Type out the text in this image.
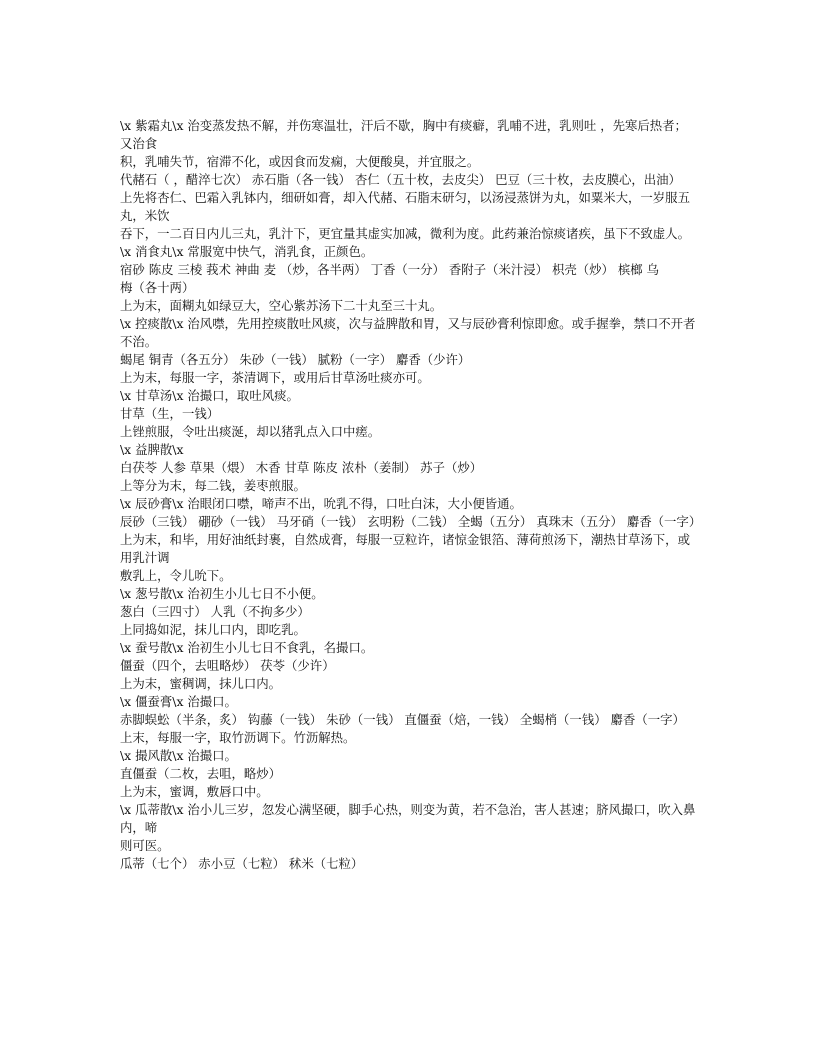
\x 紫霜丸\x 治变蒸发热不解，并伤寒温壮，汗后不歇，胸中有痰癖，乳哺不进，乳则吐 ，先寒后热者；又治食

积，乳哺失节，宿滞不化，或因食而发痫，大便酸臭，并宜服之。

代赭石（ ，醋淬七次） 赤石脂（各一钱） 杏仁（五十枚，去皮尖） 巴豆（三十枚，去皮膜心，出油）

上先将杏仁、巴霜入乳钵内，细研如膏，却入代赭、石脂末研匀，以汤浸蒸饼为丸，如粟米大，一岁服五丸，米饮

吞下，一二百日内儿三丸，乳汁下，更宜量其虚实加减，微利为度。此药兼治惊痰诸疾，虽下不致虚人。

\x 消食丸\x 常服宽中快气，消乳食，正颜色。

宿砂 陈皮 三棱 莪术 神曲 麦 （炒，各半两） 丁香（一分） 香附子（米汁浸） 枳壳（炒） 槟榔 乌

梅（各十两）

上为末，面糊丸如绿豆大，空心紫苏汤下二十丸至三十丸。

\x 控痰散\x 治风噤，先用控痰散吐风痰，次与益脾散和胃，又与辰砂膏利惊即愈。或手握拳，禁口不开者不治。

蝎尾 铜青（各五分） 朱砂（一钱） 腻粉（一字） 麝香（少许）

上为末，每服一字，茶清调下，或用后甘草汤吐痰亦可。

\x 甘草汤\x 治撮口，取吐风痰。

甘草（生，一钱）

上锉煎服，令吐出痰涎，却以猪乳点入口中瘥。

\x 益脾散\x

白茯苓 人参 草果（煨） 木香 甘草 陈皮 浓朴（姜制） 苏子（炒）

上等分为末，每二钱，姜枣煎服。

\x 辰砂膏\x 治眼闭口噤，啼声不出，吮乳不得，口吐白沫，大小便皆通。

辰砂（三钱） 硼砂（一钱） 马牙硝（一钱） 玄明粉（二钱） 全蝎（五分） 真珠末（五分） 麝香（一字）

上为末，和毕，用好油纸封裹，自然成膏，每服一豆粒许，诸惊金银箔、薄荷煎汤下，潮热甘草汤下，或用乳汁调

敷乳上，令儿吮下。

\x 葱号散\x 治初生小儿七日不小便。

葱白（三四寸） 人乳（不拘多少）

上同捣如泥，抹儿口内，即吃乳。

\x 蚕号散\x 治初生小儿七日不食乳，名撮口。

僵蚕（四个，去咀略炒） 茯苓（少许）

上为末，蜜稠调，抹儿口内。

\x 僵蚕膏\x 治撮口。

赤脚蜈蚣（半条，炙） 钩藤（一钱） 朱砂（一钱） 直僵蚕（焙，一钱） 全蝎梢（一钱） 麝香（一字）

上末，每服一字，取竹沥调下。竹沥解热。

\x 撮风散\x 治撮口。

直僵蚕（二枚，去咀，略炒）

上为末，蜜调，敷唇口中。

\x 瓜蒂散\x 治小儿三岁，忽发心满坚硬，脚手心热，则变为黄，若不急治，害人甚速；脐风撮口，吹入鼻内，啼

则可医。

瓜蒂（七个） 赤小豆（七粒） 秫米（七粒）
